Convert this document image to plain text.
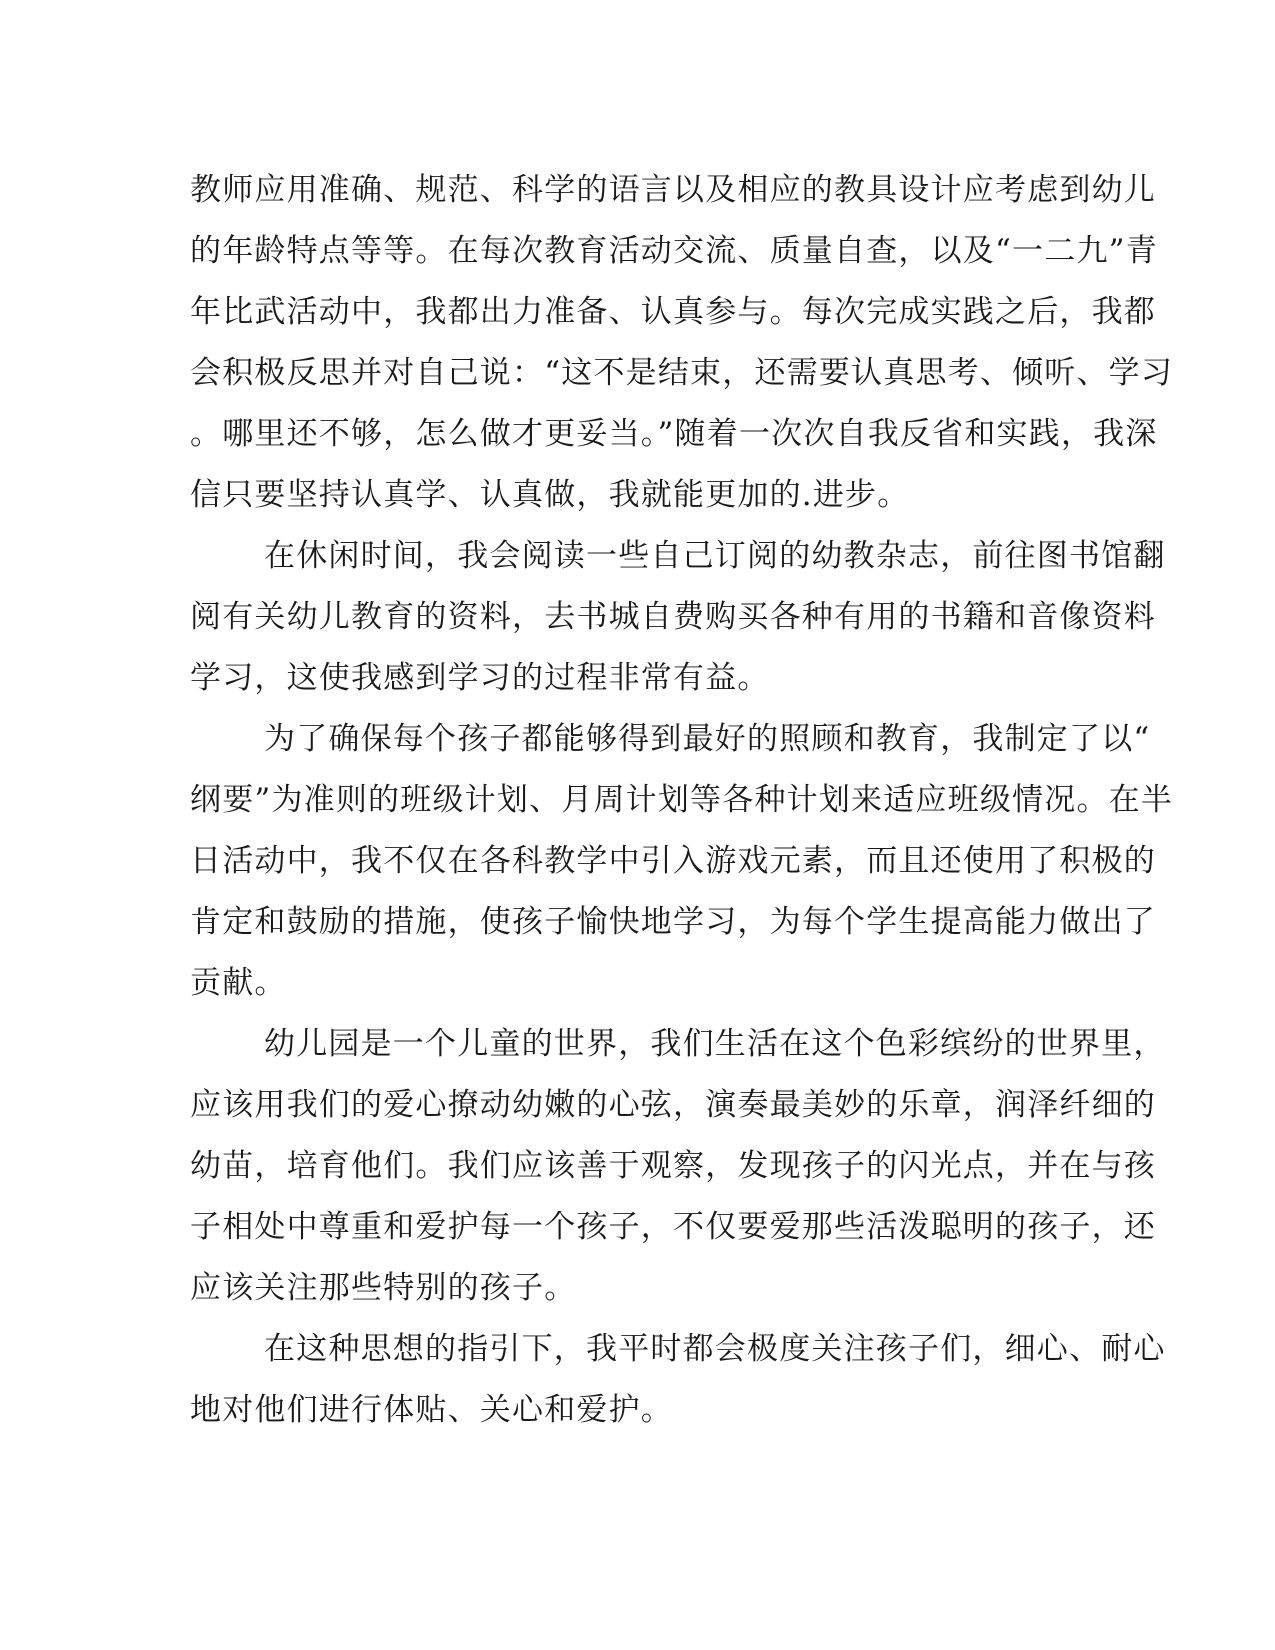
教师应用准确、规范、科学的语言以及相应的教具设计应考虑到幼儿
的年龄特点等等。在每次教育活动交流、质量自查，以及“一二九”青
年比武活动中，我都出力准备、认真参与。每次完成实践之后，我都
会积极反思并对自己说：“这不是结束，还需要认真思考、倾听、学习
。哪里还不够，怎么做才更妥当。”随着一次次自我反省和实践，我深
信只要坚持认真学、认真做，我就能更加的.进步。
在休闲时间，我会阅读一些自己订阅的幼教杂志，前往图书馆翻
阅有关幼儿教育的资料，去书城自费购买各种有用的书籍和音像资料
学习，这使我感到学习的过程非常有益。
为了确保每个孩子都能够得到最好的照顾和教育，我制定了以“
纲要”为准则的班级计划、月周计划等各种计划来适应班级情况。在半
日活动中，我不仅在各科教学中引入游戏元素，而且还使用了积极的
肯定和鼓励的措施，使孩子愉快地学习，为每个学生提高能力做出了
贡献。
幼儿园是一个儿童的世界，我们生活在这个色彩缤纷的世界里，
应该用我们的爱心撩动幼嫩的心弦，演奏最美妙的乐章，润泽纤细的
幼苗，培育他们。我们应该善于观察，发现孩子的闪光点，并在与孩
子相处中尊重和爱护每一个孩子，不仅要爱那些活泼聪明的孩子，还
应该关注那些特别的孩子。
在这种思想的指引下，我平时都会极度关注孩子们，细心、耐心
地对他们进行体贴、关心和爱护。
